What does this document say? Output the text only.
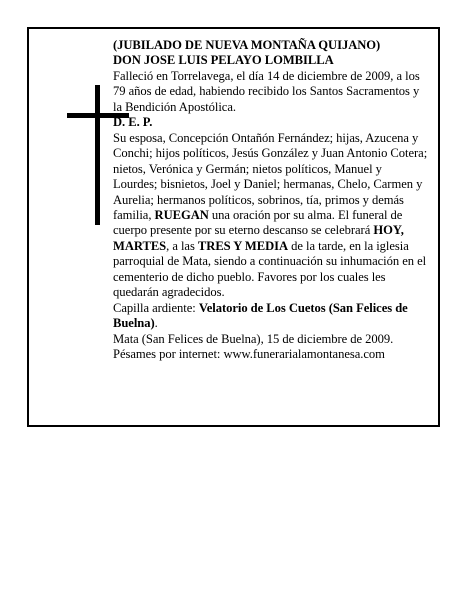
(JUBILADO DE NUEVA MONTAÑA QUIJANO)

DON JOSE LUIS PELAYO LOMBILLA

Falleció en Torrelavega, el día 14 de diciembre de 2009, a los 79 años de edad, habiendo recibido los Santos Sacramentos y la Bendición Apostólica.

D. E. P.

Su esposa, Concepción Ontañón Fernández; hijas, Azucena y Conchi; hijos políticos, Jesús González y Juan Antonio Cotera; nietos, Verónica y Germán; nietos políticos, Manuel y Lourdes; bisnietos, Joel y Daniel; hermanas, Chelo, Carmen y Aurelia; hermanos políticos, sobrinos, tía, primos y demás familia, RUEGAN una oración por su alma. El funeral de cuerpo presente por su eterno descanso se celebrará HOY, MARTES, a las TRES Y MEDIA de la tarde, en la iglesia parroquial de Mata, siendo a continuación su inhumación en el cementerio de dicho pueblo. Favores por los cuales les quedarán agradecidos.

Capilla ardiente: Velatorio de Los Cuetos (San Felices de Buelna).

Mata (San Felices de Buelna), 15 de diciembre de 2009.

Pésames por internet: www.funerarialamontanesa.com
